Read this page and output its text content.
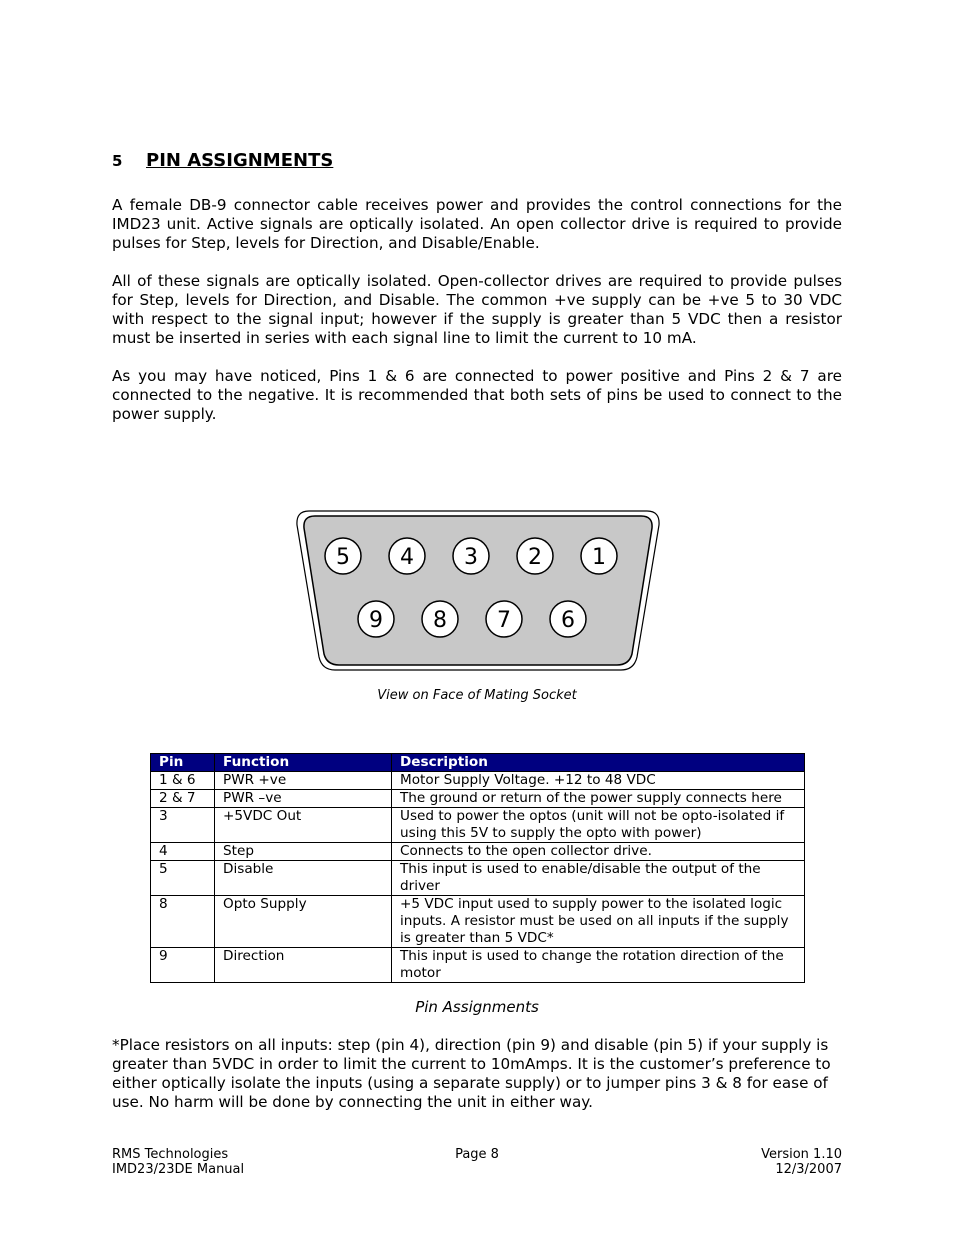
5 PIN ASSIGNMENTS

A female DB-9 connector cable receives power and provides the control connections for the IMD23 unit. Active signals are optically isolated. An open collector drive is required to provide pulses for Step, levels for Direction, and Disable/Enable.

All of these signals are optically isolated. Open-collector drives are required to provide pulses for Step, levels for Direction, and Disable. The common +ve supply can be +ve 5 to 30 VDC with respect to the signal input; however if the supply is greater than 5 VDC then a resistor must be inserted in series with each signal line to limit the current to 10 mA.

As you may have noticed, Pins 1 & 6 are connected to power positive and Pins 2 & 7 are connected to the negative. It is recommended that both sets of pins be used to connect to the power supply.

5 4 3 2 1
9 8 7 6
View on Face of Mating Socket
Pin	Function	Description
1 & 6	PWR +ve	Motor Supply Voltage. +12 to 48 VDC
2 & 7	PWR –ve	The ground or return of the power supply connects here
3	+5VDC Out	Used to power the optos (unit will not be opto-isolated if using this 5V to supply the opto with power)
4	Step	Connects to the open collector drive.
5	Disable	This input is used to enable/disable the output of the driver
8	Opto Supply	+5 VDC input used to supply power to the isolated logic inputs. A resistor must be used on all inputs if the supply is greater than 5 VDC*
9	Direction	This input is used to change the rotation direction of the motor
Pin Assignments

*Place resistors on all inputs: step (pin 4), direction (pin 9) and disable (pin 5) if your supply is greater than 5VDC in order to limit the current to 10mAmps. It is the customer’s preference to either optically isolate the inputs (using a separate supply) or to jumper pins 3 & 8 for ease of use. No harm will be done by connecting the unit in either way.

RMS Technologies
IMD23/23DE Manual
Page 8	Version 1.10
12/3/2007
